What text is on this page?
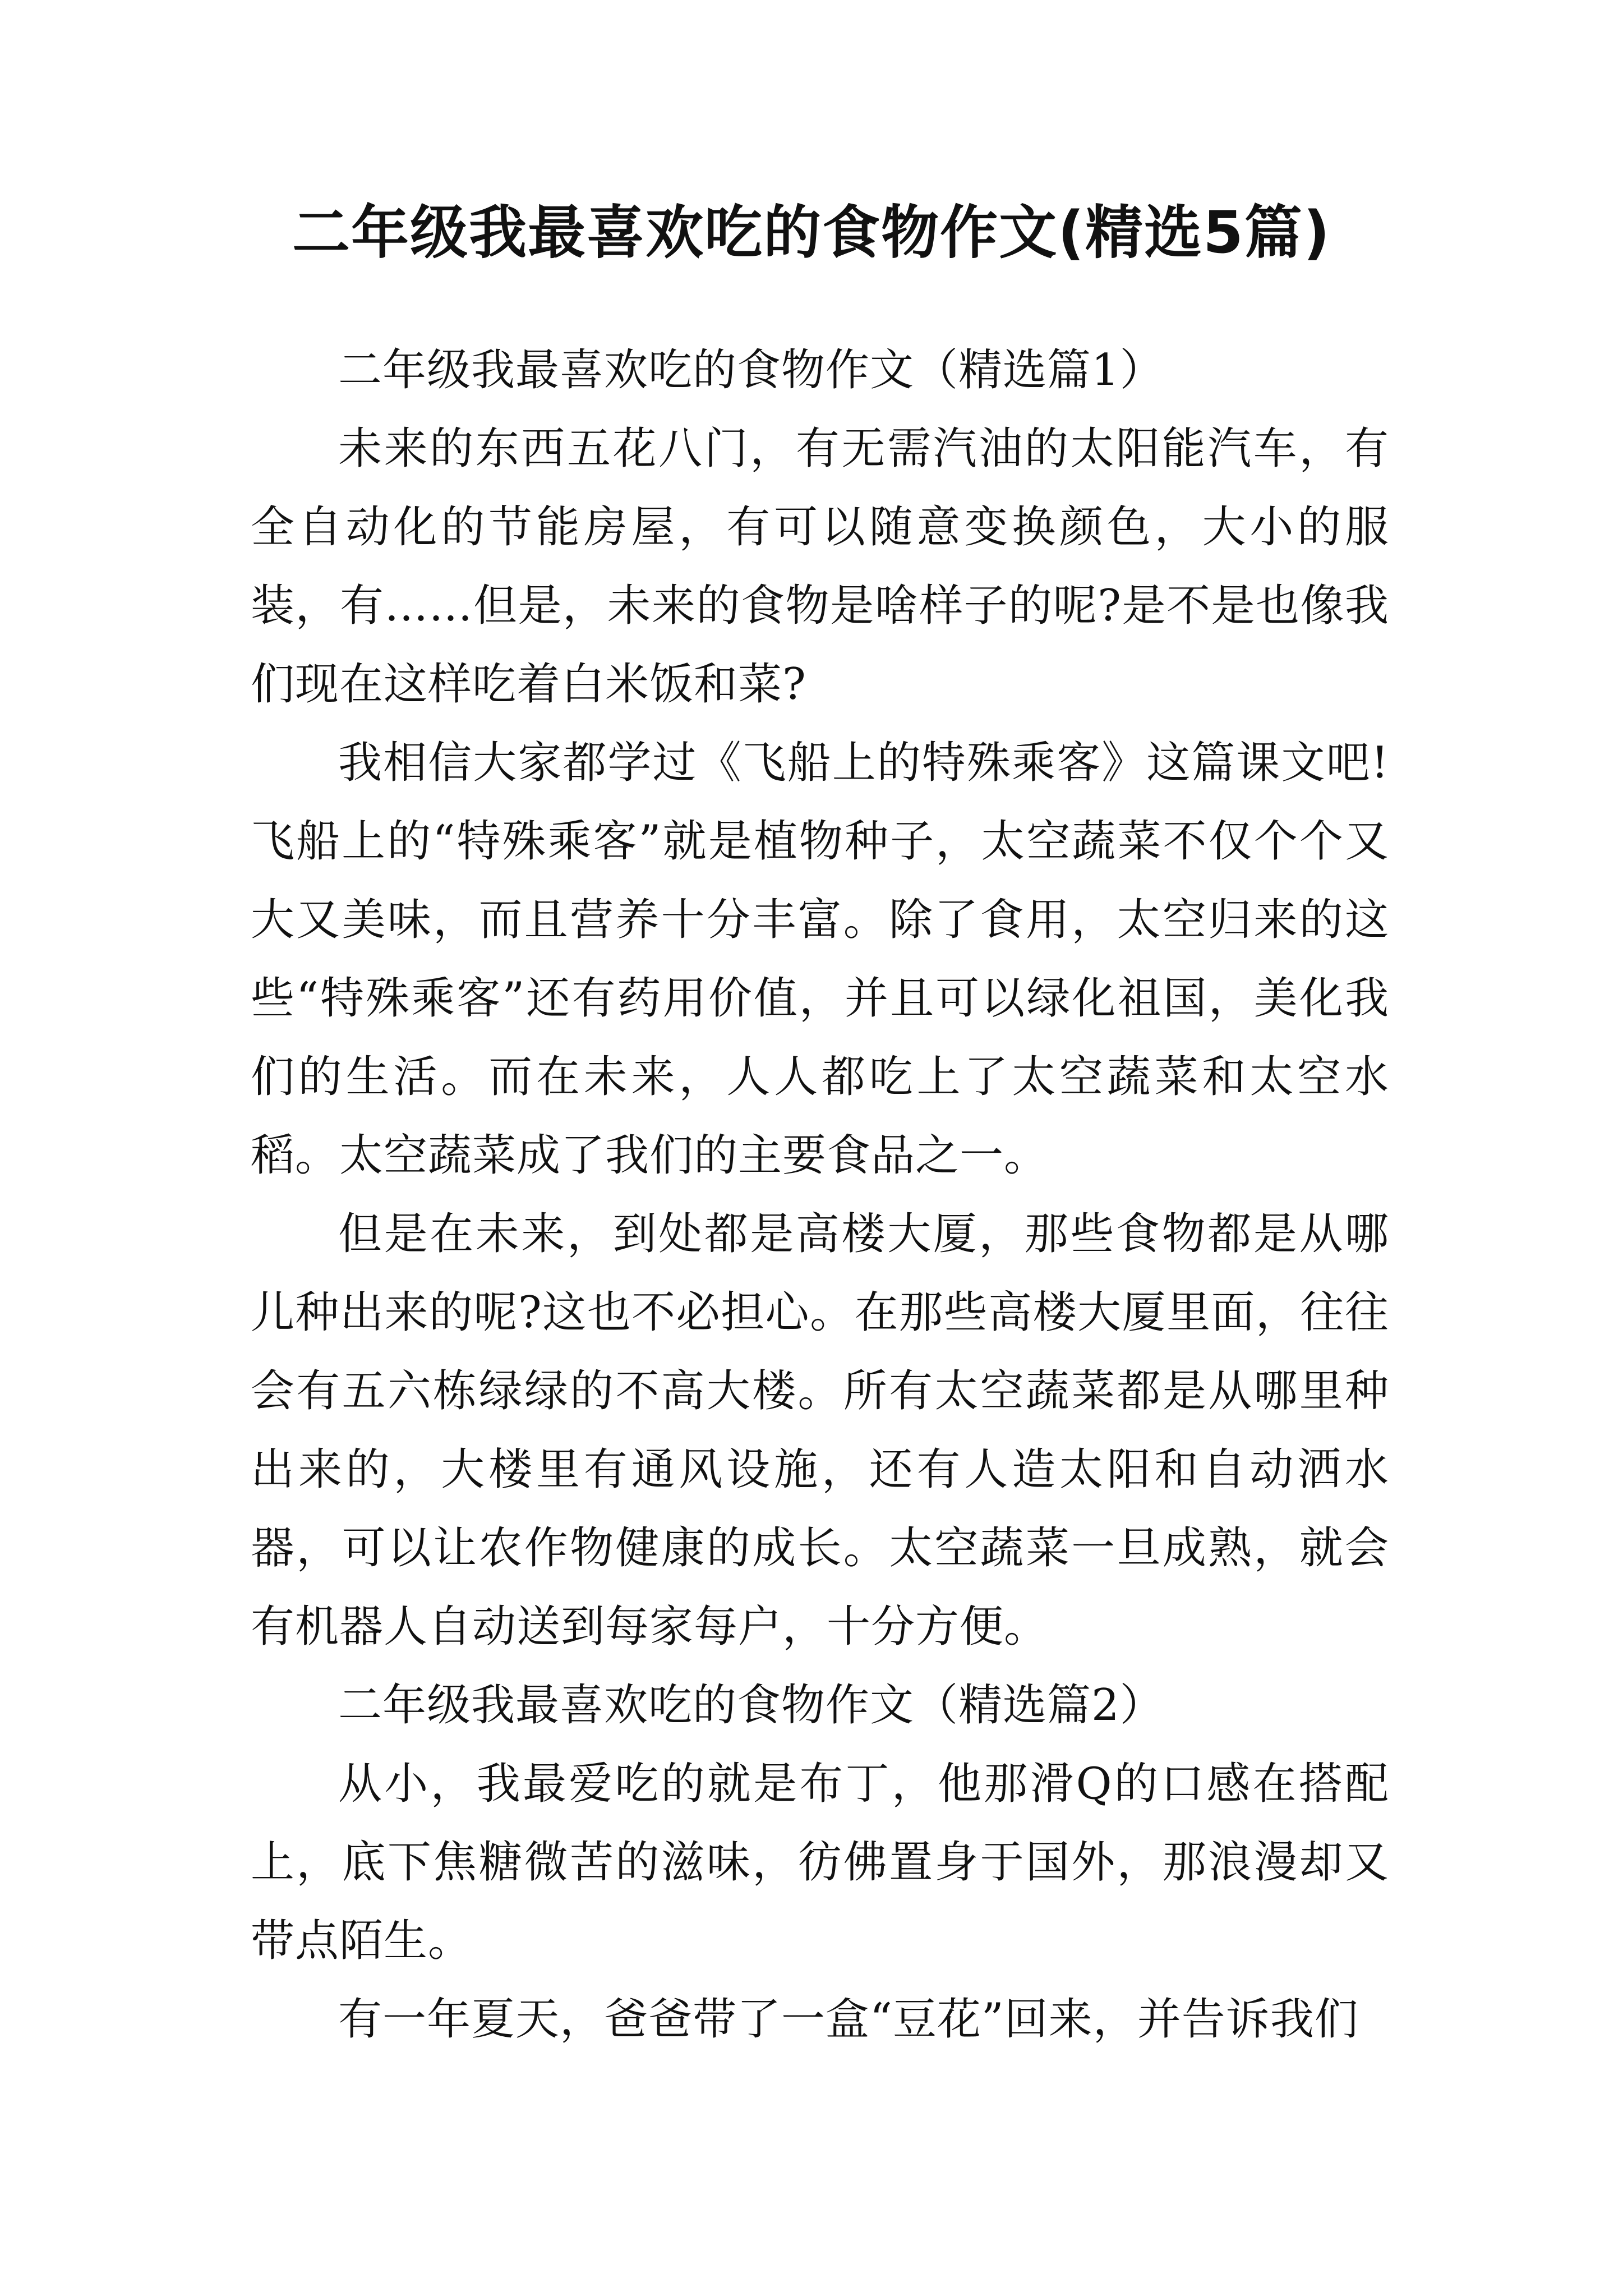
二年级我最喜欢吃的食物作文(精选5篇)

二年级我最喜欢吃的食物作文（精选篇1）

未来的东西五花八门，有无需汽油的太阳能汽车，有全自动化的节能房屋，有可以随意变换颜色，大小的服装，有……但是，未来的食物是啥样子的呢?是不是也像我们现在这样吃着白米饭和菜?

我相信大家都学过《飞船上的特殊乘客》这篇课文吧!飞船上的“特殊乘客”就是植物种子，太空蔬菜不仅个个又大又美味，而且营养十分丰富。除了食用，太空归来的这些“特殊乘客”还有药用价值，并且可以绿化祖国，美化我们的生活。而在未来，人人都吃上了太空蔬菜和太空水稻。太空蔬菜成了我们的主要食品之一。

但是在未来，到处都是高楼大厦，那些食物都是从哪儿种出来的呢?这也不必担心。在那些高楼大厦里面，往往会有五六栋绿绿的不高大楼。所有太空蔬菜都是从哪里种出来的，大楼里有通风设施，还有人造太阳和自动洒水器，可以让农作物健康的成长。太空蔬菜一旦成熟，就会有机器人自动送到每家每户，十分方便。

二年级我最喜欢吃的食物作文（精选篇2）

从小，我最爱吃的就是布丁，他那滑Q的口感在搭配上，底下焦糖微苦的滋味，彷佛置身于国外，那浪漫却又带点陌生。

有一年夏天，爸爸带了一盒“豆花”回来，并告诉我们
